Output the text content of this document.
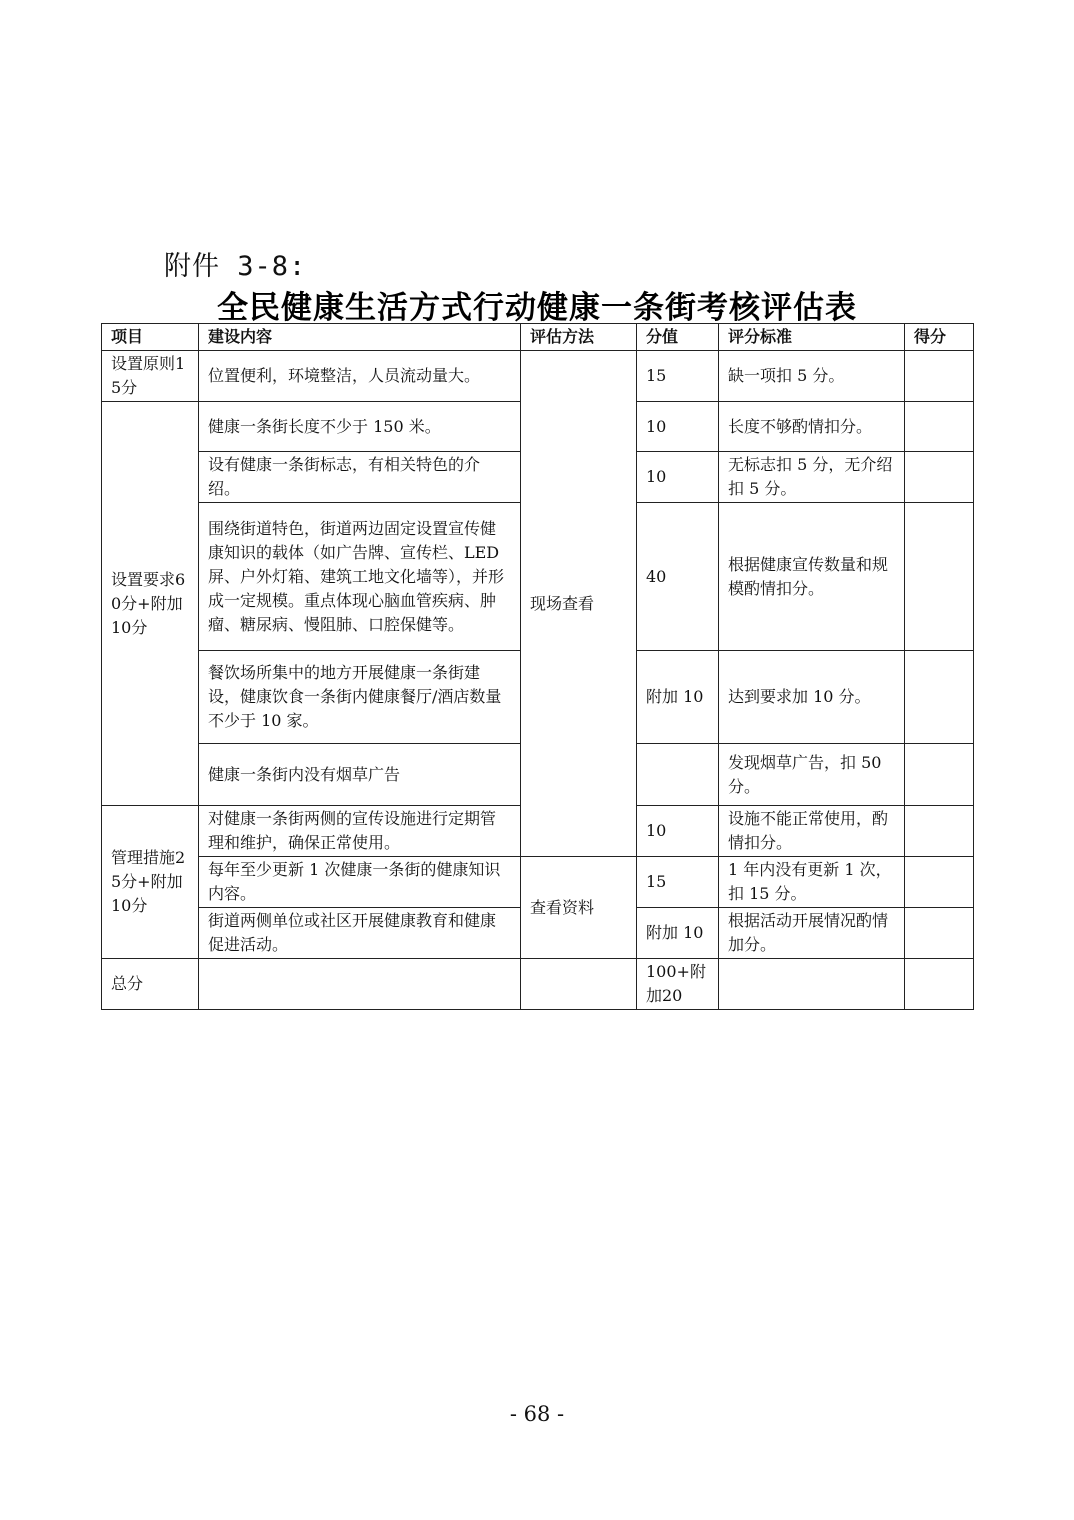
附件 3-8:
全民健康生活方式行动健康一条街考核评估表
项目	建设内容	评估方法	分值	评分标准	得分
设置原则15分	位置便利，环境整洁，人员流动量大。	现场查看	15	缺一项扣 5 分。	
设置要求60分+附加10分	健康一条街长度不少于 150 米。		10	长度不够酌情扣分。	
	设有健康一条街标志，有相关特色的介绍。		10	无标志扣 5 分，无介绍扣 5 分。	
	围绕街道特色，街道两边固定设置宣传健康知识的载体（如广告牌、宣传栏、LED 屏、户外灯箱、建筑工地文化墙等），并形成一定规模。重点体现心脑血管疾病、肿瘤、糖尿病、慢阻肺、口腔保健等。		40	根据健康宣传数量和规模酌情扣分。	
	餐饮场所集中的地方开展健康一条街建设，健康饮食一条街内健康餐厅/酒店数量不少于 10 家。		附加 10	达到要求加 10 分。	
	健康一条街内没有烟草广告			发现烟草广告，扣 50 分。	
管理措施25分+附加10分	对健康一条街两侧的宣传设施进行定期管理和维护，确保正常使用。		10	设施不能正常使用，酌情扣分。	
	每年至少更新 1 次健康一条街的健康知识内容。	查看资料	15	1 年内没有更新 1 次，扣 15 分。	
	街道两侧单位或社区开展健康教育和健康促进活动。		附加 10	根据活动开展情况酌情加分。	
总分			100+附加20		
- 68 -
